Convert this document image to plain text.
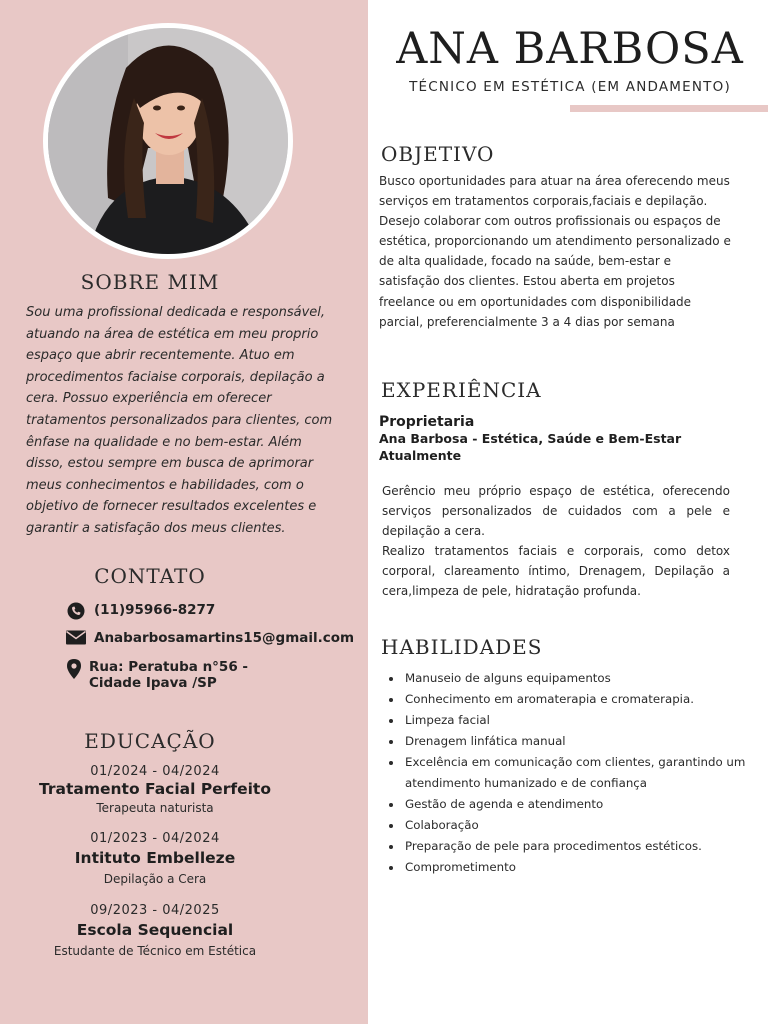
SOBRE MIM
Sou uma profissional dedicada e responsável, atuando na área de estética em meu proprio espaço que abrir recentemente. Atuo em procedimentos faciaise corporais, depilação a cera. Possuo experiência em oferecer tratamentos personalizados para clientes, com ênfase na qualidade e no bem-estar. Além disso, estou sempre em busca de aprimorar meus conhecimentos e habilidades, com o objetivo de fornecer resultados excelentes e garantir a satisfação dos meus clientes.
CONTATO
(11)95966-8277
Anabarbosamartins15@gmail.com
Rua: Peratuba n°56 -
Cidade Ipava /SP
EDUCAÇÃO
01/2024 - 04/2024
Tratamento Facial Perfeito
Terapeuta naturista
01/2023 - 04/2024
Intituto Embelleze
Depilação a Cera
09/2023 - 04/2025
Escola Sequencial
Estudante de Técnico em Estética
ANA BARBOSA
TÉCNICO EM ESTÉTICA (EM ANDAMENTO)
OBJETIVO
Busco oportunidades para atuar na área oferecendo meus serviços em tratamentos corporais,faciais e depilação. Desejo colaborar com outros profissionais ou espaços de estética, proporcionando um atendimento personalizado e de alta qualidade, focado na saúde, bem-estar e satisfação dos clientes. Estou aberta em projetos freelance ou em oportunidades com disponibilidade parcial, preferencialmente 3 a 4 dias por semana
EXPERIÊNCIA
Proprietaria
Ana Barbosa - Estética, Saúde e Bem-Estar
Atualmente

Gerêncio meu próprio espaço de estética, oferecendo serviços personalizados de cuidados com a pele e depilação a cera.

Realizo tratamentos faciais e corporais, como detox corporal, clareamento íntimo, Drenagem, Depilação a cera,limpeza de pele, hidratação profunda.

HABILIDADES
• Manuseio de alguns equipamentos
• Conhecimento em aromaterapia e cromaterapia.
• Limpeza facial
• Drenagem linfática manual
• Excelência em comunicação com clientes, garantindo um atendimento humanizado e de confiança
• Gestão de agenda e atendimento
• Colaboração
• Preparação de pele para procedimentos estéticos.
• Comprometimento
